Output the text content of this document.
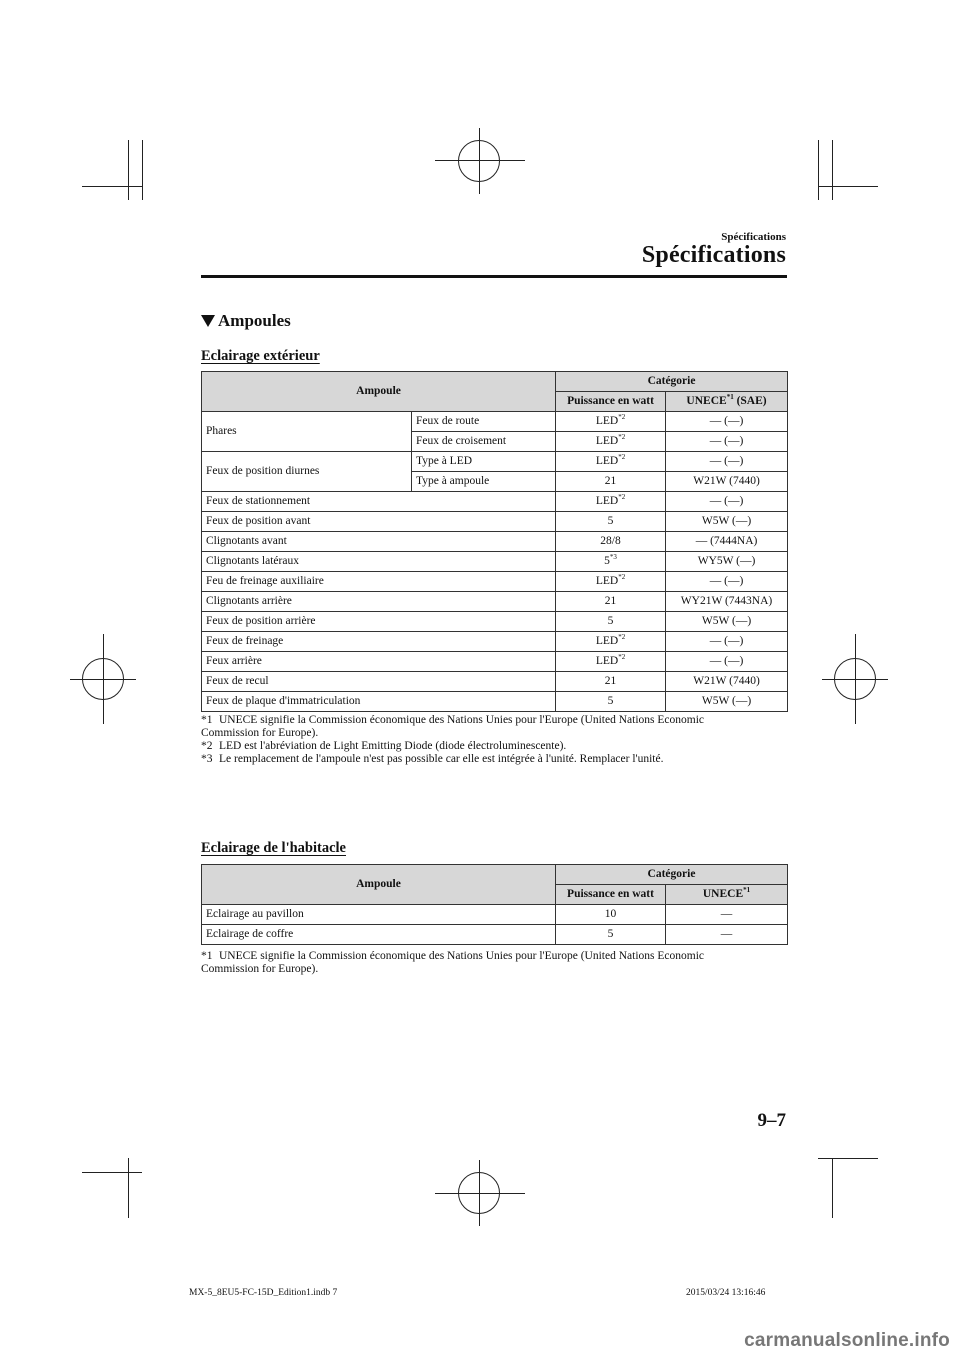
Spécifications
Spécifications
Ampoules
Eclairage extérieur
Ampoule		Catégorie	
		Puissance en watt	UNECE$^{*1}$ (SAE)
Phares	Feux de route	LED$^{*2}$	— (—)
	Feux de croisement	LED$^{*2}$	— (—)
Feux de position diurnes	Type à LED	LED$^{*2}$	— (—)
	Type à ampoule	21	W21W (7440)
Feux de stationnement		LED$^{*2}$	— (—)
Feux de position avant		5	W5W (—)
Clignotants avant		28/8	— (7444NA)
Clignotants latéraux		5$^{*3}$	WY5W (—)
Feu de freinage auxiliaire		LED$^{*2}$	— (—)
Clignotants arrière		21	WY21W (7443NA)
Feux de position arrière		5	W5W (—)
Feux de freinage		LED$^{*2}$	— (—)
Feux arrière		LED$^{*2}$	— (—)
Feux de recul		21	W21W (7440)
Feux de plaque d'immatriculation		5	W5W (—)
*1 UNECE signifie la Commission économique des Nations Unies pour l'Europe (United Nations Economic
Commission for Europe).
*2 LED est l'abréviation de Light Emitting Diode (diode électroluminescente).
*3 Le remplacement de l'ampoule n'est pas possible car elle est intégrée à l'unité. Remplacer l'unité.
Eclairage de l'habitacle
Ampoule	Catégorie	
	Puissance en watt	UNECE$^{*1}$
Eclairage au pavillon	10	—
Eclairage de coffre	5	—
*1 UNECE signifie la Commission économique des Nations Unies pour l'Europe (United Nations Economic
Commission for Europe).
9–7
MX-5_8EU5-FC-15D_Edition1.indb 7	2015/03/24 13:16:46
carmanualsonline.info
